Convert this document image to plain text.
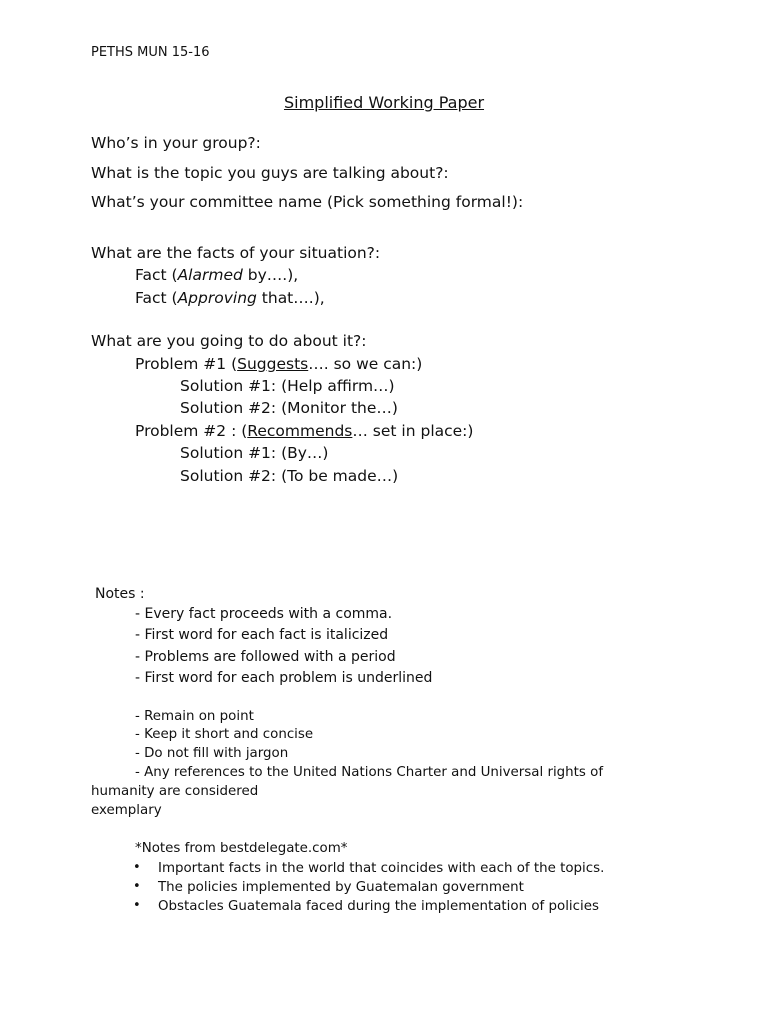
PETHS MUN 15-16
Simplified Working Paper
Who’s in your group?:
What is the topic you guys are talking about?:
What’s your committee name (Pick something formal!):
What are the facts of your situation?:
Fact (Alarmed by….),
Fact (Approving that….),
What are you going to do about it?:
Problem #1 (Suggests…. so we can:)
Solution #1: (Help affirm…)
Solution #2: (Monitor the…)
Problem #2 : (Recommends… set in place:)
Solution #1: (By…)
Solution #2: (To be made…)
Notes :
- Every fact proceeds with a comma.
- First word for each fact is italicized
- Problems are followed with a period
- First word for each problem is underlined
- Remain on point
- Keep it short and concise
- Do not fill with jargon
- Any references to the United Nations Charter and Universal rights of
humanity are considered
exemplary
*Notes from bestdelegate.com*
• Important facts in the world that coincides with each of the topics.
• The policies implemented by Guatemalan government
• Obstacles Guatemala faced during the implementation of policies
